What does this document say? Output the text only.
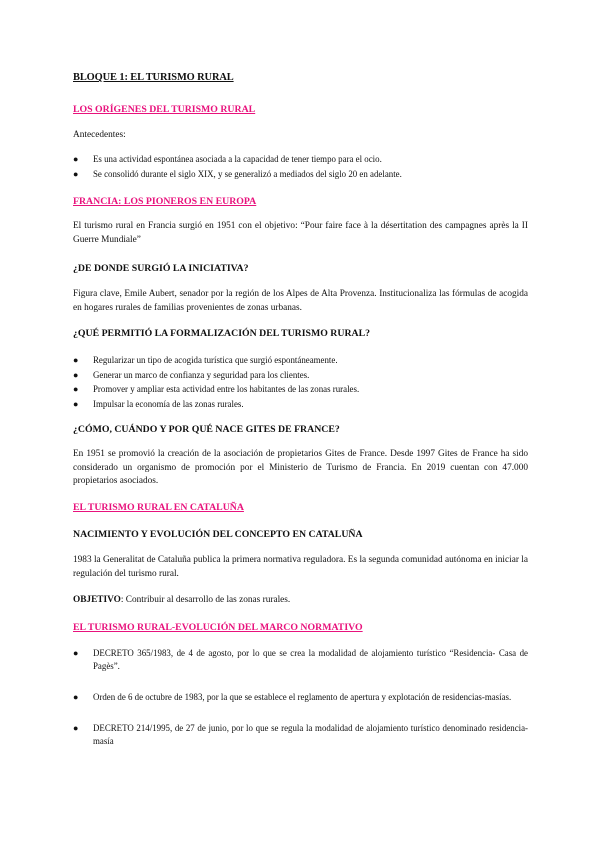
BLOQUE 1: EL TURISMO RURAL
LOS ORÍGENES DEL TURISMO RURAL
Antecedentes:
● Es una actividad espontánea asociada a la capacidad de tener tiempo para el ocio.
● Se consolidó durante el siglo XIX, y se generalizó a mediados del siglo 20 en adelante.
FRANCIA: LOS PIONEROS EN EUROPA
El turismo rural en Francia surgió en 1951 con el objetivo: “Pour faire face à la désertitation des campagnes après la II Guerre Mundiale”
¿DE DONDE SURGIÓ LA INICIATIVA?
Figura clave, Emile Aubert, senador por la región de los Alpes de Alta Provenza. Institucionaliza las fórmulas de acogida en hogares rurales de familias provenientes de zonas urbanas.
¿QUÉ PERMITIÓ LA FORMALIZACIÓN DEL TURISMO RURAL?
● Regularizar un tipo de acogida turística que surgió espontáneamente.
● Generar un marco de confianza y seguridad para los clientes.
● Promover y ampliar esta actividad entre los habitantes de las zonas rurales.
● Impulsar la economía de las zonas rurales.
¿CÓMO, CUÁNDO Y POR QUÉ NACE GITES DE FRANCE?
En 1951 se promovió la creación de la asociación de propietarios Gites de France. Desde 1997 Gites de France ha sido considerado un organismo de promoción por el Ministerio de Turismo de Francia. En 2019 cuentan con 47.000 propietarios asociados.
EL TURISMO RURAL EN CATALUÑA
NACIMIENTO Y EVOLUCIÓN DEL CONCEPTO EN CATALUÑA
1983 la Generalitat de Cataluña publica la primera normativa reguladora. Es la segunda comunidad autónoma en iniciar la regulación del turismo rural.
OBJETIVO: Contribuir al desarrollo de las zonas rurales.
EL TURISMO RURAL-EVOLUCIÓN DEL MARCO NORMATIVO
● DECRETO 365/1983, de 4 de agosto, por lo que se crea la modalidad de alojamiento turístico “Residencia- Casa de Pagès”.
● Orden de 6 de octubre de 1983, por la que se establece el reglamento de apertura y explotación de residencias-masías.
● DECRETO 214/1995, de 27 de junio, por lo que se regula la modalidad de alojamiento turístico denominado residencia-masía
